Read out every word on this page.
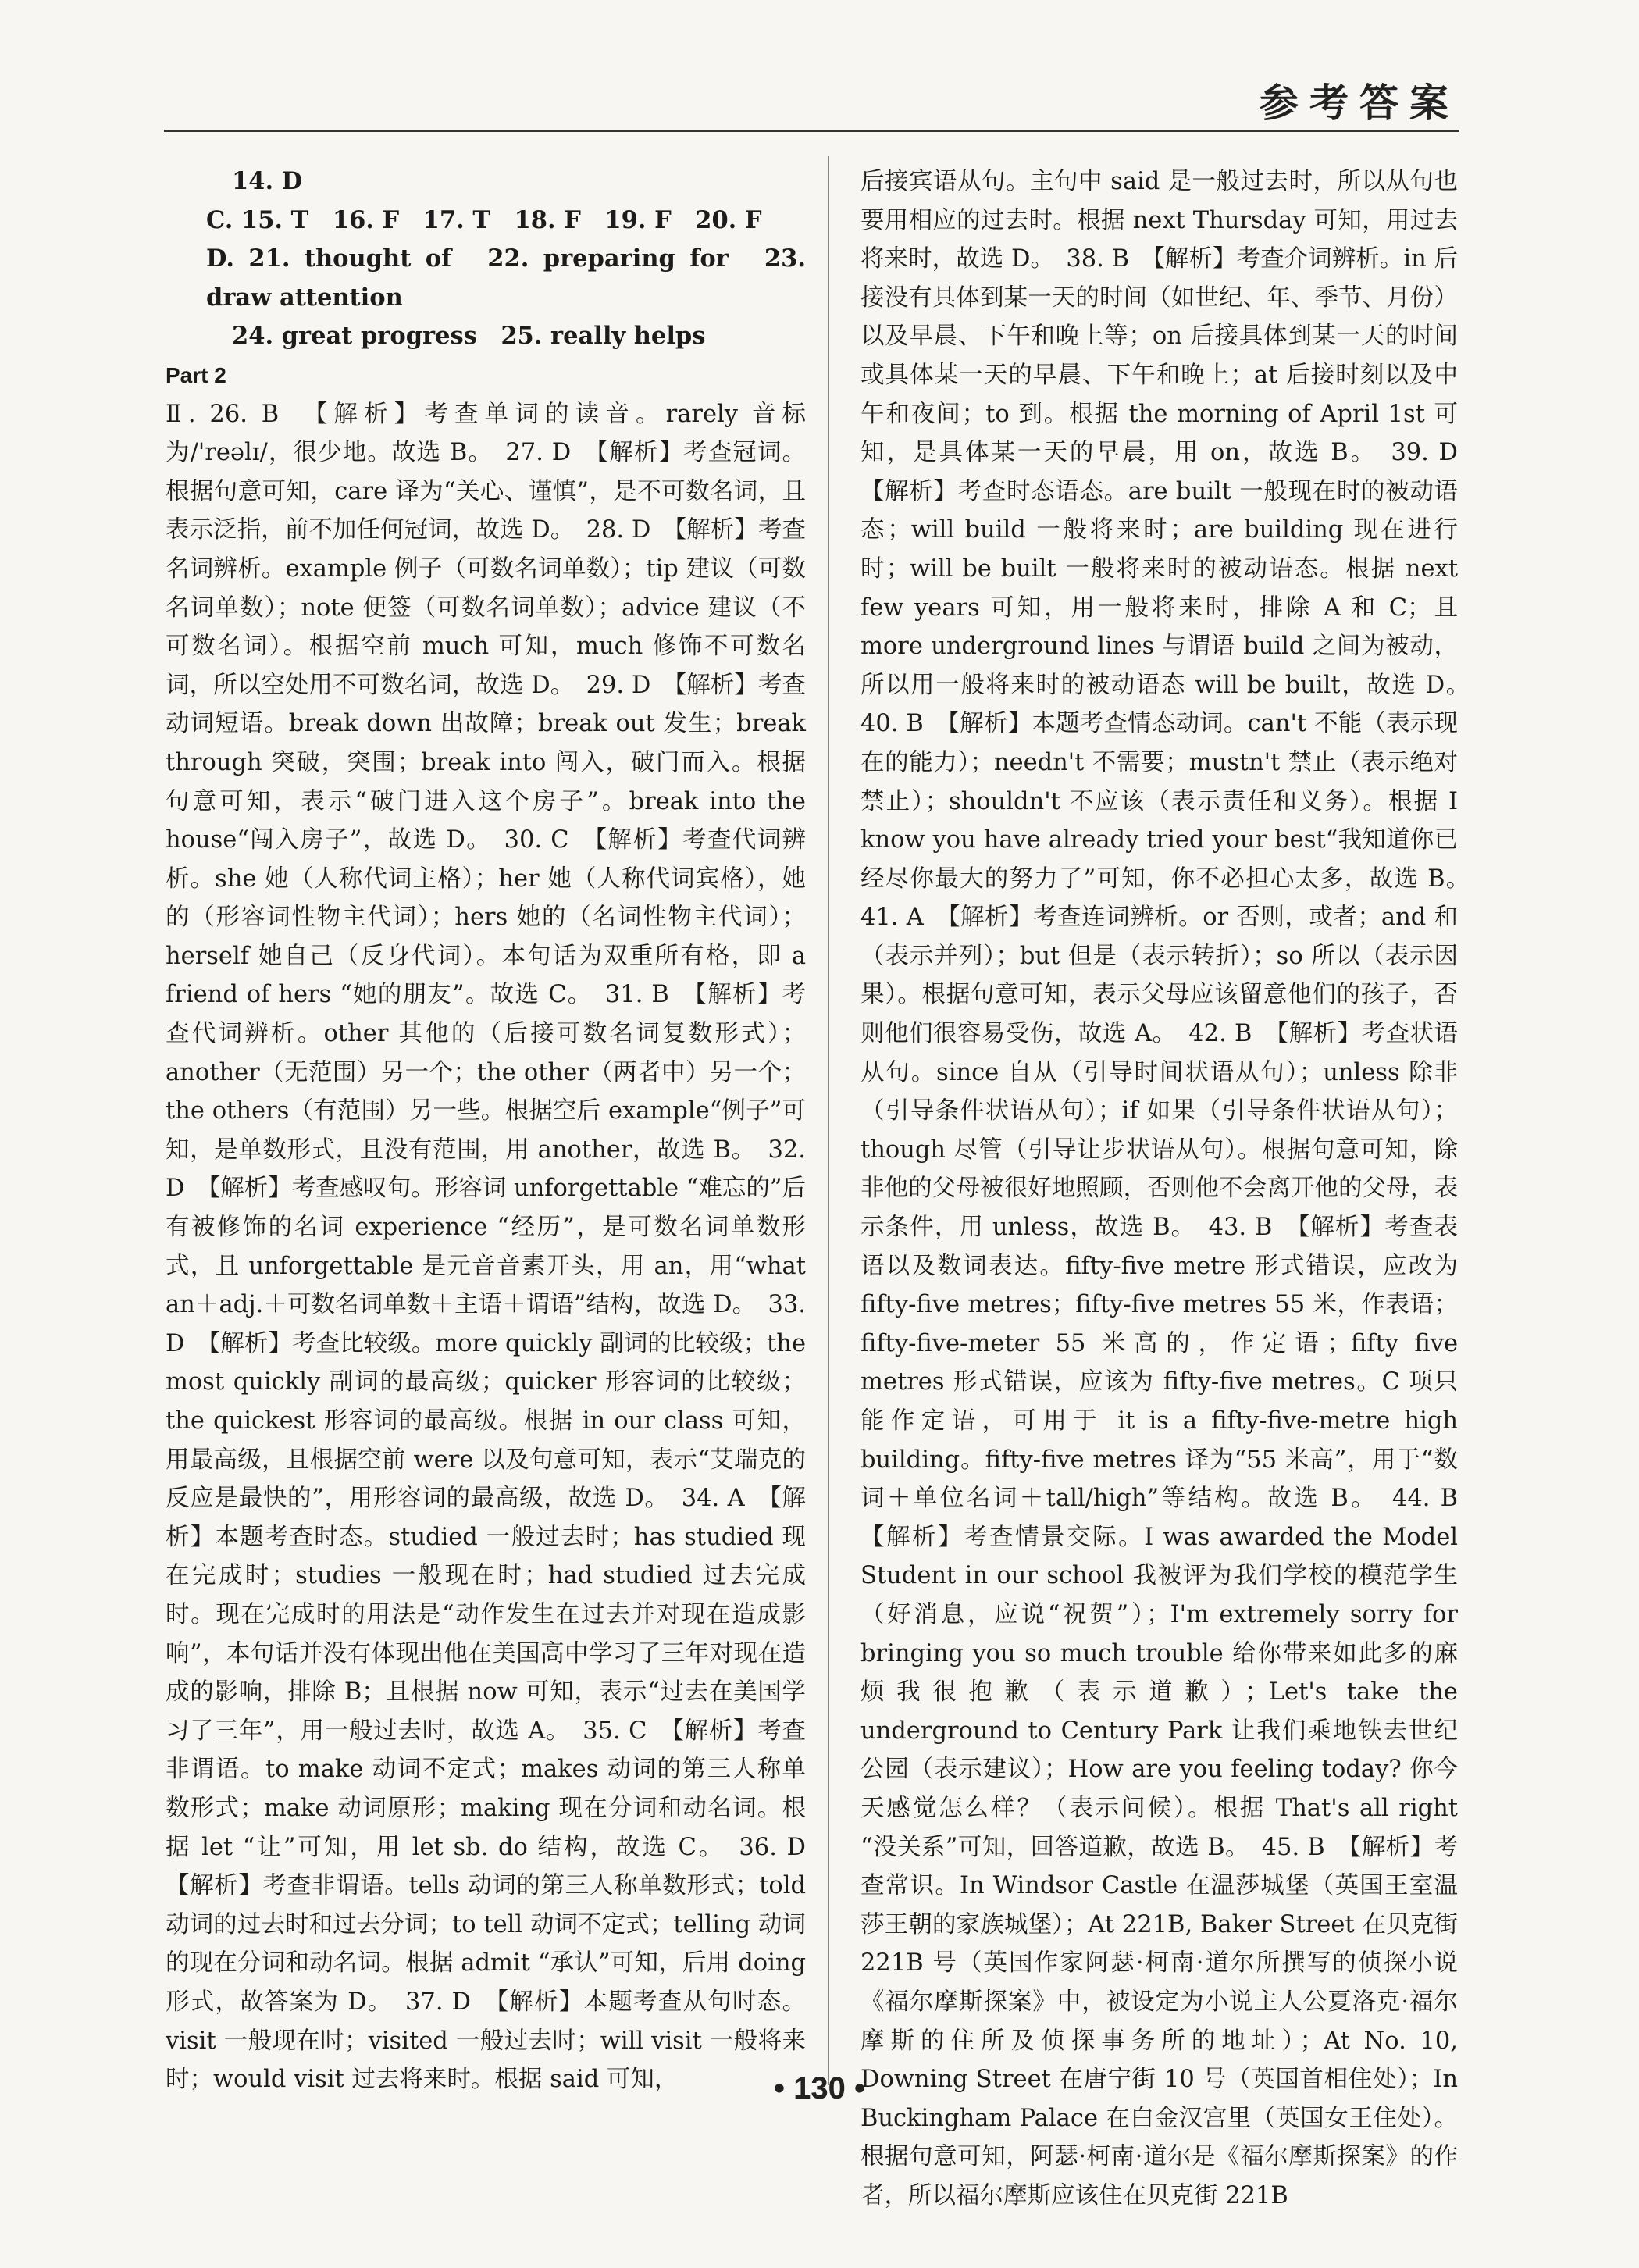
参考答案

14. D

C. 15. T　16. F　17. T　18. F　19. F　20. F

D. 21. thought of　22. preparing for　23. draw attention

24. great progress　25. really helps

Part 2

Ⅱ. 26. B　【解析】考查单词的读音。rarely 音标为/'reəlɪ/，很少地。故选 B。　27. D　【解析】考查冠词。根据句意可知，care 译为“关心、谨慎”，是不可数名词，且表示泛指，前不加任何冠词，故选 D。　28. D　【解析】考查名词辨析。example 例子（可数名词单数）；tip 建议（可数名词单数）；note 便签（可数名词单数）；advice 建议（不可数名词）。根据空前 much 可知，much 修饰不可数名词，所以空处用不可数名词，故选 D。　29. D　【解析】考查动词短语。break down 出故障；break out 发生；break through 突破，突围；break into 闯入，破门而入。根据句意可知，表示“破门进入这个房子”。break into the house“闯入房子”，故选 D。　30. C　【解析】考查代词辨析。she 她（人称代词主格）；her 她（人称代词宾格），她的（形容词性物主代词）；hers 她的（名词性物主代词）；herself 她自己（反身代词）。本句话为双重所有格，即 a friend of hers “她的朋友”。故选 C。　31. B　【解析】考查代词辨析。other 其他的（后接可数名词复数形式）；another（无范围）另一个；the other（两者中）另一个；the others（有范围）另一些。根据空后 example“例子”可知，是单数形式，且没有范围，用 another，故选 B。　32. D　【解析】考查感叹句。形容词 unforgettable “难忘的”后有被修饰的名词 experience “经历”，是可数名词单数形式，且 unforgettable 是元音音素开头，用 an，用“what an＋adj.＋可数名词单数＋主语＋谓语”结构，故选 D。　33. D　【解析】考查比较级。more quickly 副词的比较级；the most quickly 副词的最高级；quicker 形容词的比较级；the quickest 形容词的最高级。根据 in our class 可知，用最高级，且根据空前 were 以及句意可知，表示“艾瑞克的反应是最快的”，用形容词的最高级，故选 D。　34. A　【解析】本题考查时态。studied 一般过去时；has studied 现在完成时；studies 一般现在时；had studied 过去完成时。现在完成时的用法是“动作发生在过去并对现在造成影响”，本句话并没有体现出他在美国高中学习了三年对现在造成的影响，排除 B；且根据 now 可知，表示“过去在美国学习了三年”，用一般过去时，故选 A。　35. C　【解析】考查非谓语。to make 动词不定式；makes 动词的第三人称单数形式；make 动词原形；making 现在分词和动名词。根据 let “让”可知，用 let sb. do 结构，故选 C。　36. D　【解析】考查非谓语。tells 动词的第三人称单数形式；told 动词的过去时和过去分词；to tell 动词不定式；telling 动词的现在分词和动名词。根据 admit “承认”可知，后用 doing 形式，故答案为 D。　37. D　【解析】本题考查从句时态。visit 一般现在时；visited 一般过去时；will visit 一般将来时；would visit 过去将来时。根据 said 可知，

后接宾语从句。主句中 said 是一般过去时，所以从句也要用相应的过去时。根据 next Thursday 可知，用过去将来时，故选 D。　38. B　【解析】考查介词辨析。in 后接没有具体到某一天的时间（如世纪、年、季节、月份）以及早晨、下午和晚上等；on 后接具体到某一天的时间或具体某一天的早晨、下午和晚上；at 后接时刻以及中午和夜间；to 到。根据 the morning of April 1st 可知，是具体某一天的早晨，用 on，故选 B。　39. D　【解析】考查时态语态。are built 一般现在时的被动语态；will build 一般将来时；are building 现在进行时；will be built 一般将来时的被动语态。根据 next few years 可知，用一般将来时，排除 A 和 C；且 more underground lines 与谓语 build 之间为被动，所以用一般将来时的被动语态 will be built，故选 D。　40. B　【解析】本题考查情态动词。can't 不能（表示现在的能力）；needn't 不需要；mustn't 禁止（表示绝对禁止）；shouldn't 不应该（表示责任和义务）。根据 I know you have already tried your best“我知道你已经尽你最大的努力了”可知，你不必担心太多，故选 B。　41. A　【解析】考查连词辨析。or 否则，或者；and 和（表示并列）；but 但是（表示转折）；so 所以（表示因果）。根据句意可知，表示父母应该留意他们的孩子，否则他们很容易受伤，故选 A。　42. B　【解析】考查状语从句。since 自从（引导时间状语从句）；unless 除非（引导条件状语从句）；if 如果（引导条件状语从句）；though 尽管（引导让步状语从句）。根据句意可知，除非他的父母被很好地照顾，否则他不会离开他的父母，表示条件，用 unless，故选 B。　43. B　【解析】考查表语以及数词表达。fifty-five metre 形式错误，应改为 fifty-five metres；fifty-five metres 55 米，作表语；fifty-five-meter 55 米高的，作定语；fifty five metres 形式错误，应该为 fifty-five metres。C 项只能作定语，可用于 it is a fifty-five-metre high building。fifty-five metres 译为“55 米高”，用于“数词＋单位名词＋tall/high”等结构。故选 B。　44. B　【解析】考查情景交际。I was awarded the Model Student in our school 我被评为我们学校的模范学生（好消息，应说“祝贺”）；I'm extremely sorry for bringing you so much trouble 给你带来如此多的麻烦我很抱歉（表示道歉）；Let's take the underground to Century Park 让我们乘地铁去世纪公园（表示建议）；How are you feeling today? 你今天感觉怎么样？（表示问候）。根据 That's all right “没关系”可知，回答道歉，故选 B。　45. B　【解析】考查常识。In Windsor Castle 在温莎城堡（英国王室温莎王朝的家族城堡）；At 221B, Baker Street 在贝克街 221B 号（英国作家阿瑟·柯南·道尔所撰写的侦探小说《福尔摩斯探案》中，被设定为小说主人公夏洛克·福尔摩斯的住所及侦探事务所的地址）；At No. 10, Downing Street 在唐宁街 10 号（英国首相住处）；In Buckingham Palace 在白金汉宫里（英国女王住处）。根据句意可知，阿瑟·柯南·道尔是《福尔摩斯探案》的作者，所以福尔摩斯应该住在贝克街 221B

• 130 •
